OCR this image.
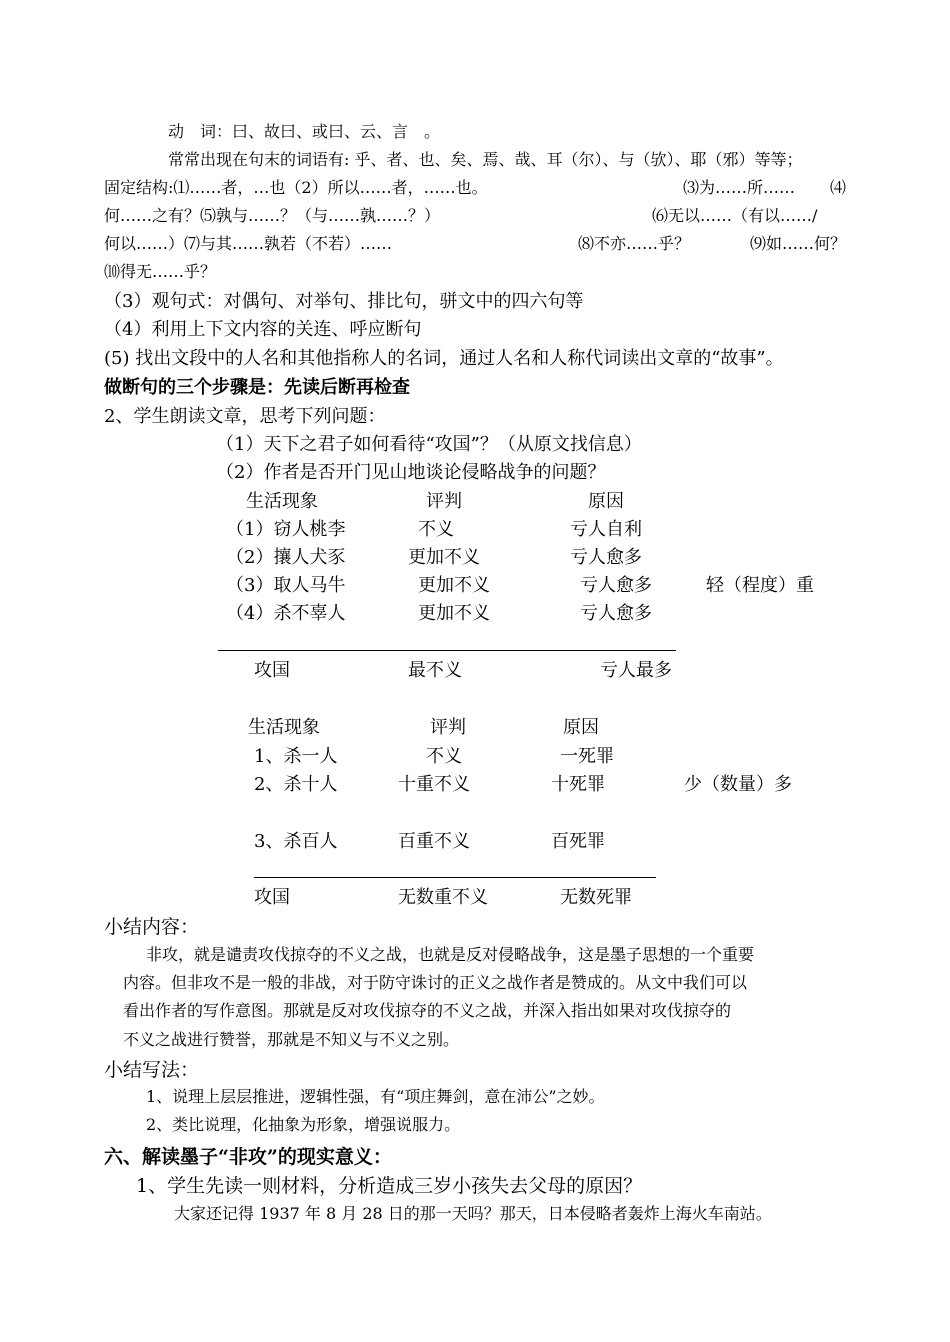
动　词：曰、故曰、或曰、云、言　。
常常出现在句末的词语有: 乎、者、也、矣、焉、哉、耳（尔）、与（欤）、耶（邪）等等；
固定结构:⑴……者，…也（2）所以……者，……也。	⑶为……所…… ⑷
何……之有？⑸孰与……？（与……孰……？）	⑹无以……（有以……/
何以……）⑺与其……孰若（不若）……	⑻不亦……乎？	⑼如……何？
⑽得无……乎？
（3）观句式：对偶句、对举句、排比句，骈文中的四六句等
（4）利用上下文内容的关连、呼应断句
(5) 找出文段中的人名和其他指称人的名词，通过人名和人称代词读出文章的“故事”。
做断句的三个步骤是：先读后断再检查
2、学生朗读文章，思考下列问题：
（1）天下之君子如何看待“攻国”？（从原文找信息）
（2）作者是否开门见山地谈论侵略战争的问题？
生活现象	评判	原因
（1）窃人桃李	不义	亏人自利
（2）攘人犬豕	更加不义	亏人愈多
（3）取人马牛	更加不义	亏人愈多	轻（程度）重
（4）杀不辜人	更加不义	亏人愈多
攻国	最不义	亏人最多
生活现象	评判	原因
1、杀一人	不义	一死罪
2、杀十人	十重不义	十死罪	少（数量）多
3、杀百人	百重不义	百死罪
攻国	无数重不义	无数死罪
小结内容：
非攻，就是谴责攻伐掠夺的不义之战，也就是反对侵略战争，这是墨子思想的一个重要
内容。但非攻不是一般的非战，对于防守诛讨的正义之战作者是赞成的。从文中我们可以
看出作者的写作意图。那就是反对攻伐掠夺的不义之战，并深入指出如果对攻伐掠夺的
不义之战进行赞誉，那就是不知义与不义之别。
小结写法：
1、说理上层层推进，逻辑性强，有“项庄舞剑，意在沛公”之妙。
2、类比说理，化抽象为形象，增强说服力。
六、解读墨子“非攻”的现实意义：
1、学生先读一则材料，分析造成三岁小孩失去父母的原因？
大家还记得 1937 年 8 月 28 日的那一天吗？那天，日本侵略者轰炸上海火车南站。
